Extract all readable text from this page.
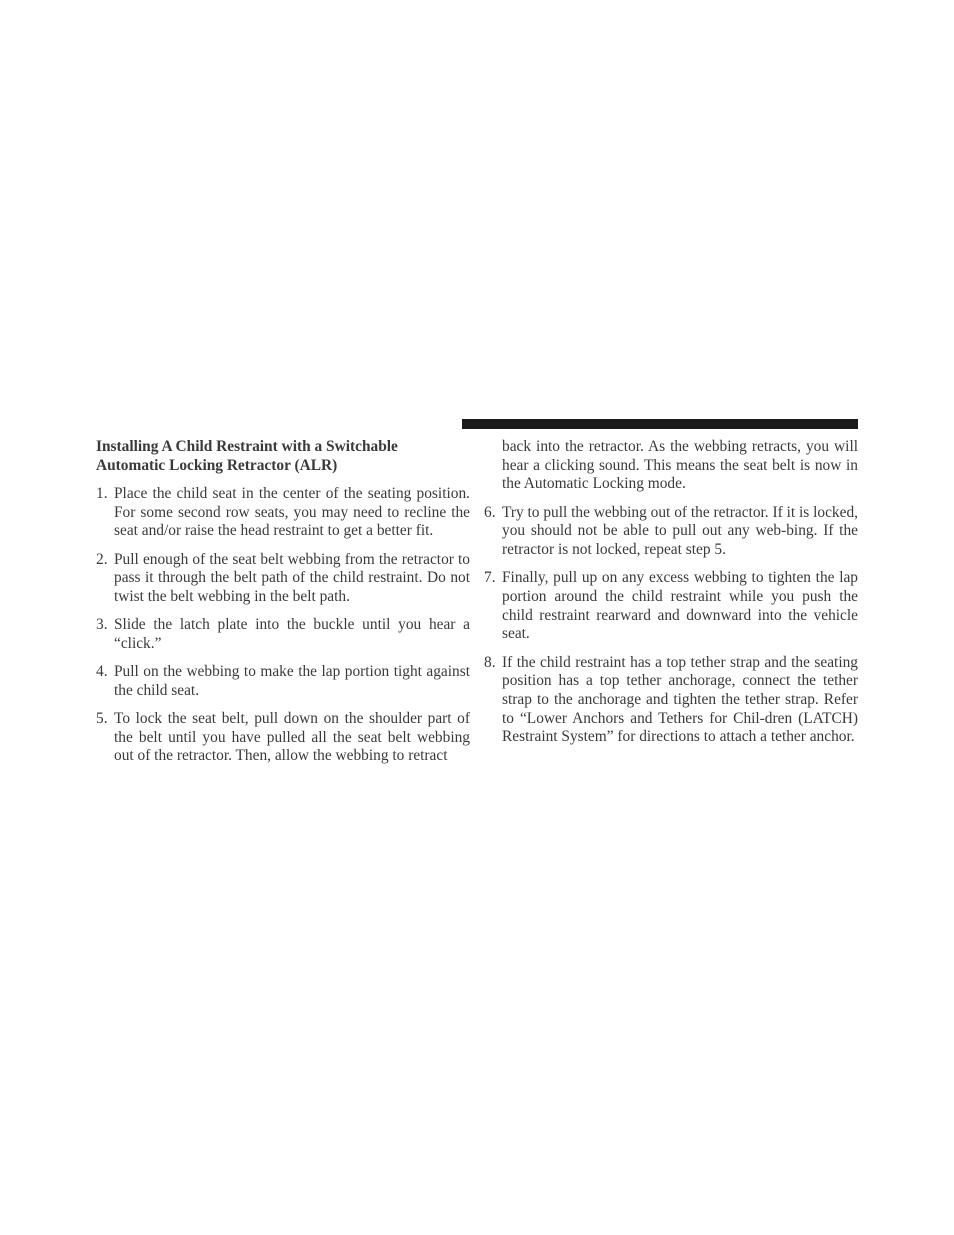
Installing A Child Restraint with a Switchable
Automatic Locking Retractor (ALR)
1. Place the child seat in the center of the seating position. For some second row seats, you may need to recline the seat and/or raise the head restraint to get a better fit.
2. Pull enough of the seat belt webbing from the retractor to pass it through the belt path of the child restraint. Do not twist the belt webbing in the belt path.
3. Slide the latch plate into the buckle until you hear a “click.”
4. Pull on the webbing to make the lap portion tight against the child seat.
5. To lock the seat belt, pull down on the shoulder part of the belt until you have pulled all the seat belt webbing out of the retractor. Then, allow the webbing to retract
back into the retractor. As the webbing retracts, you will hear a clicking sound. This means the seat belt is now in the Automatic Locking mode.
6. Try to pull the webbing out of the retractor. If it is locked, you should not be able to pull out any web-bing. If the retractor is not locked, repeat step 5.
7. Finally, pull up on any excess webbing to tighten the lap portion around the child restraint while you push the child restraint rearward and downward into the vehicle seat.
8. If the child restraint has a top tether strap and the seating position has a top tether anchorage, connect the tether strap to the anchorage and tighten the tether strap. Refer to “Lower Anchors and Tethers for Chil-dren (LATCH) Restraint System” for directions to attach a tether anchor.
